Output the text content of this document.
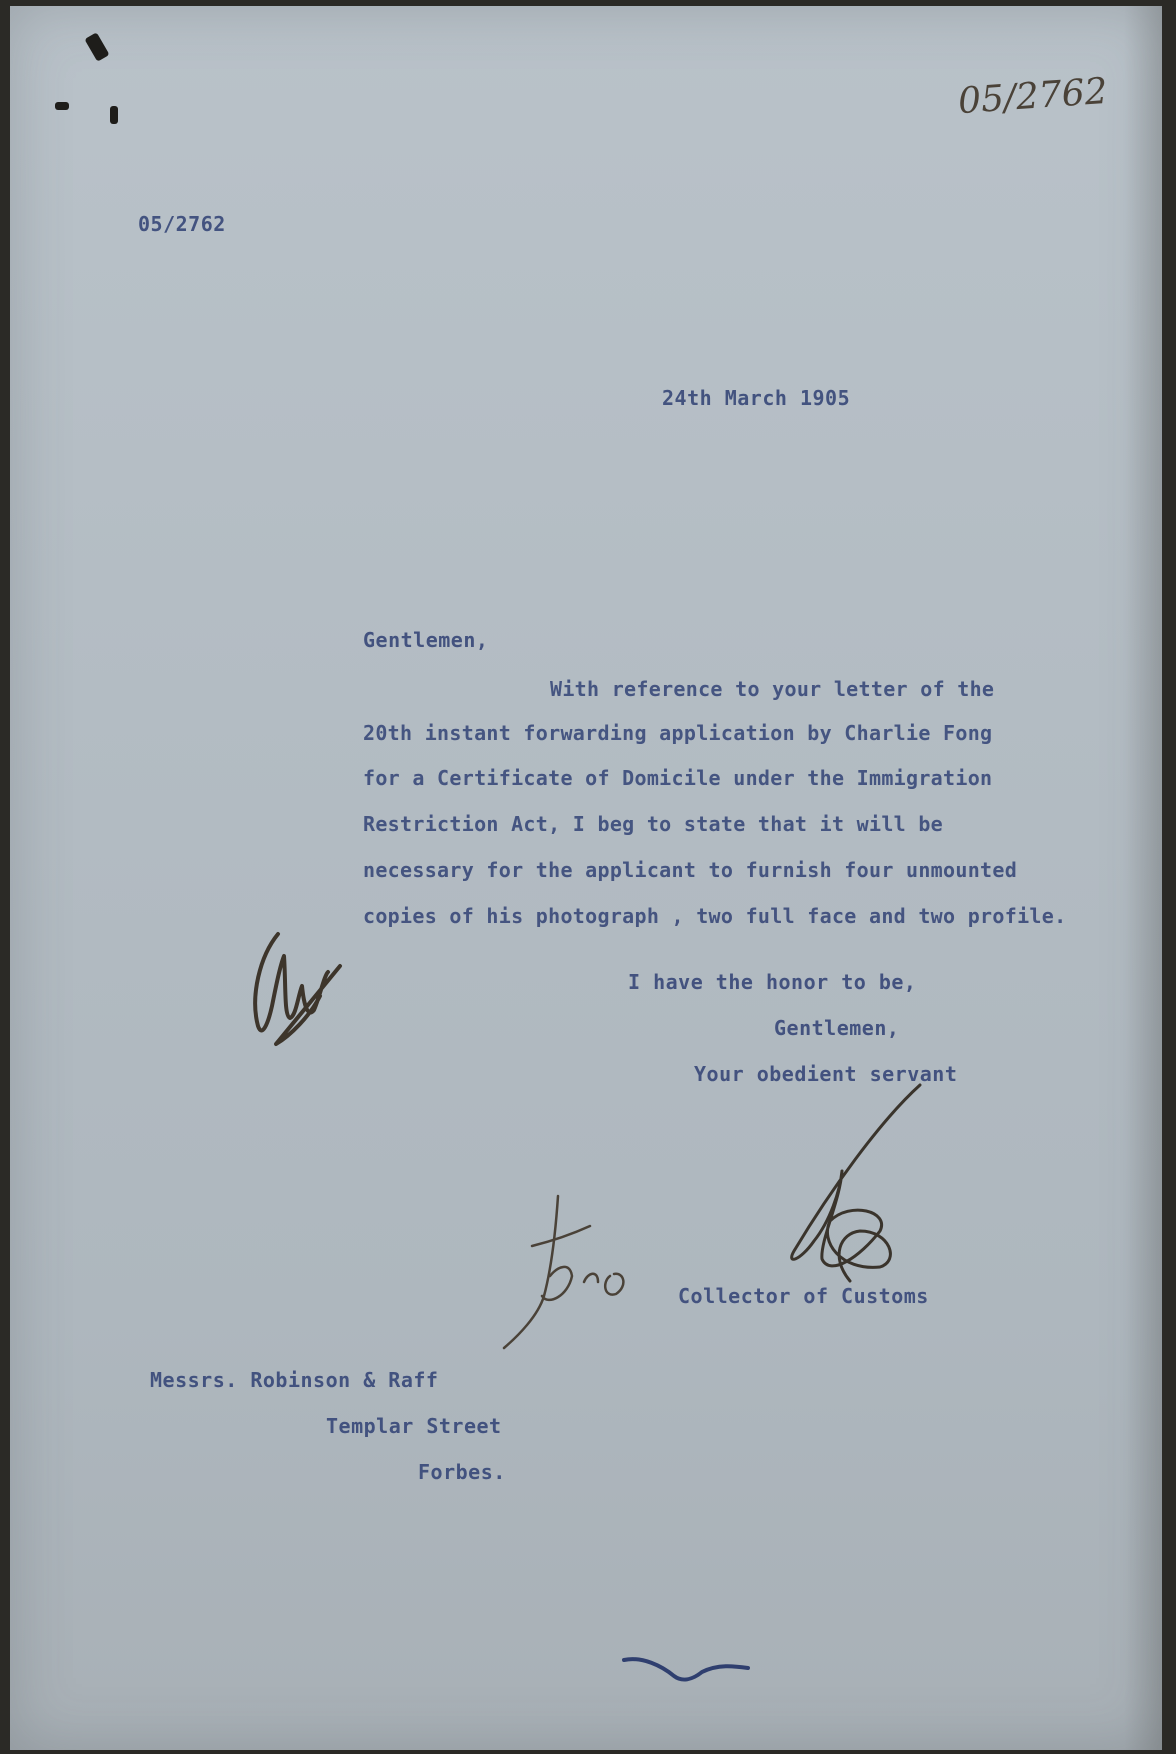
05/2762
05/2762
24th March 1905
Gentlemen,
With reference to your letter of the
20th instant forwarding application by Charlie Fong
for a Certificate of Domicile under the Immigration
Restriction Act, I beg to state that it will be
necessary for the applicant to furnish four unmounted
copies of his photograph , two full face and two profile.
I have the honor to be,
Gentlemen,
Your obedient servant
Collector of Customs
Messrs. Robinson & Raff
Templar Street
Forbes.
